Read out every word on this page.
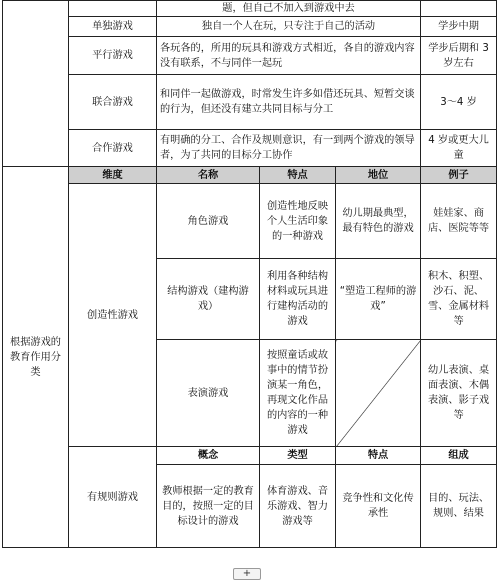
		题，但自己不加入到游戏中去			
	单独游戏	独自一个人在玩，只专注于自己的活动			学步中期
	平行游戏	各玩各的，所用的玩具和游戏方式相近，各自的游戏内容没有联系，不与同伴一起玩			学步后期和 3 岁左右
	联合游戏	和同伴一起做游戏，时常发生许多如借还玩具、短暂交谈的行为，但还没有建立共同目标与分工			3～4 岁
	合作游戏	有明确的分工、合作及规则意识，有一到两个游戏的领导者，为了共同的目标分工协作			4 岁或更大儿童
根据游戏的教育作用分类	维度	名称	特点	地位	例子
	创造性游戏	角色游戏	创造性地反映个人生活印象的一种游戏	幼儿期最典型，最有特色的游戏	娃娃家、商店、医院等等
		结构游戏（建构游戏）	利用各种结构材料或玩具进行建构活动的游戏	“塑造工程师的游戏”	积木、积塑、沙石、泥、雪、金属材料等
		表演游戏	按照童话或故事中的情节扮演某一角色，再现文化作品的内容的一种游戏		幼儿表演、桌面表演、木偶表演、影子戏等
	有规则游戏	概念	类型	特点	组成
		教师根据一定的教育目的，按照一定的目标设计的游戏	体育游戏、音乐游戏、智力游戏等	竞争性和文化传承性	目的、玩法、规则、结果
+
